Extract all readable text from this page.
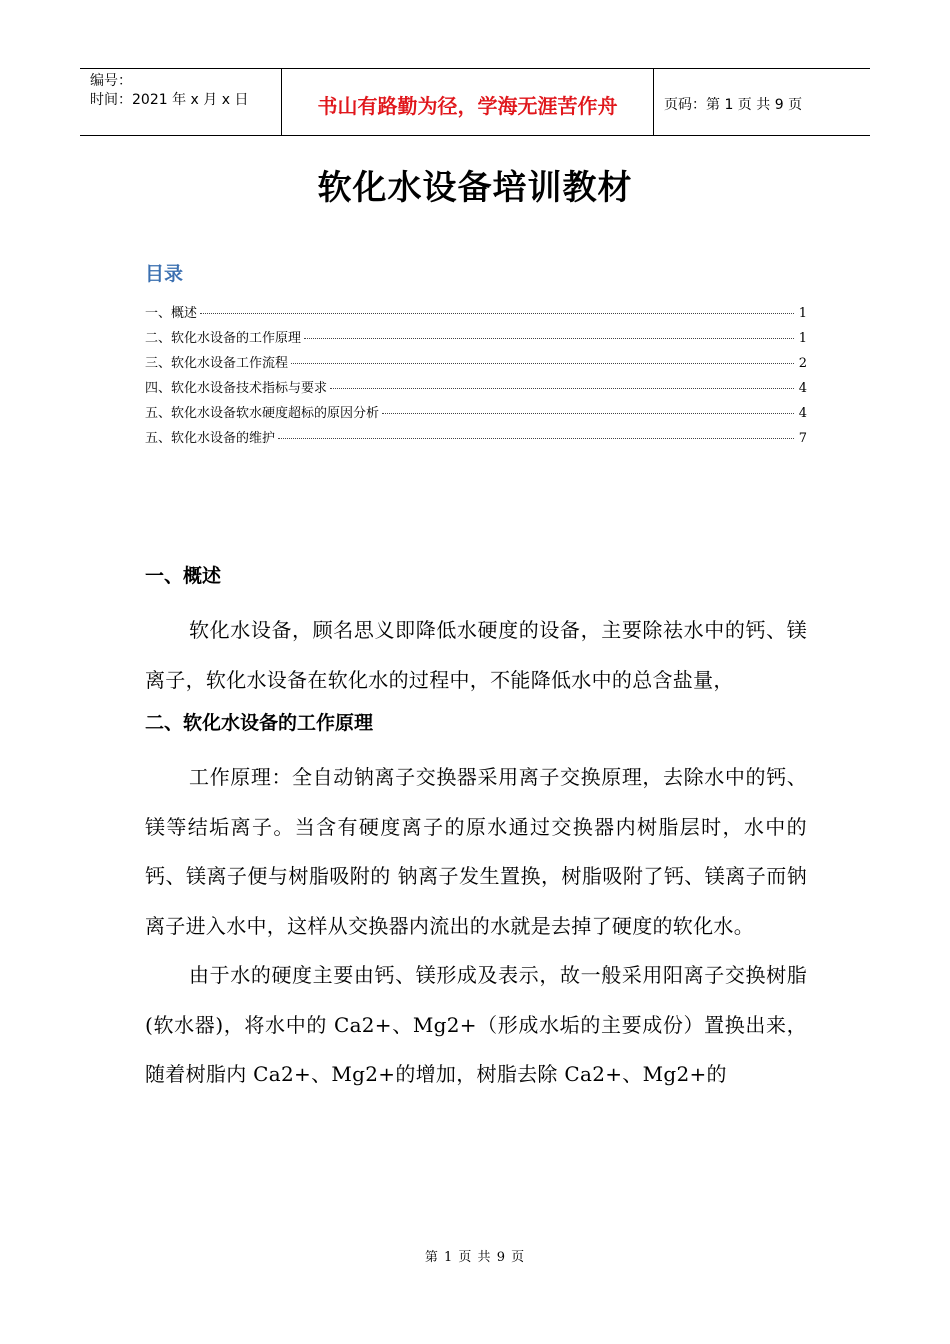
编号：
时间：2021 年 x 月 x 日	书山有路勤为径，学海无涯苦作舟	页码：第 1 页 共 9 页
软化水设备培训教材
目录
一、概述	1
二、软化水设备的工作原理	1
三、软化水设备工作流程	2
四、软化水设备技术指标与要求	4
五、软化水设备软水硬度超标的原因分析	4
五、软化水设备的维护	7
一、概述

软化水设备，顾名思义即降低水硬度的设备，主要除祛水中的钙、镁离子，软化水设备在软化水的过程中，不能降低水中的总含盐量，

二、软化水设备的工作原理

工作原理：全自动钠离子交换器采用离子交换原理，去除水中的钙、镁等结垢离子。当含有硬度离子的原水通过交换器内树脂层时，水中的钙、镁离子便与树脂吸附的 钠离子发生置换，树脂吸附了钙、镁离子而钠离子进入水中，这样从交换器内流出的水就是去掉了硬度的软化水。

由于水的硬度主要由钙、镁形成及表示，故一般采用阳离子交换树脂(软水器)，将水中的 Ca2+、Mg2+（形成水垢的主要成份）置换出来，随着树脂内 Ca2+、Mg2+的增加，树脂去除 Ca2+、Mg2+的

第 1 页 共 9 页
